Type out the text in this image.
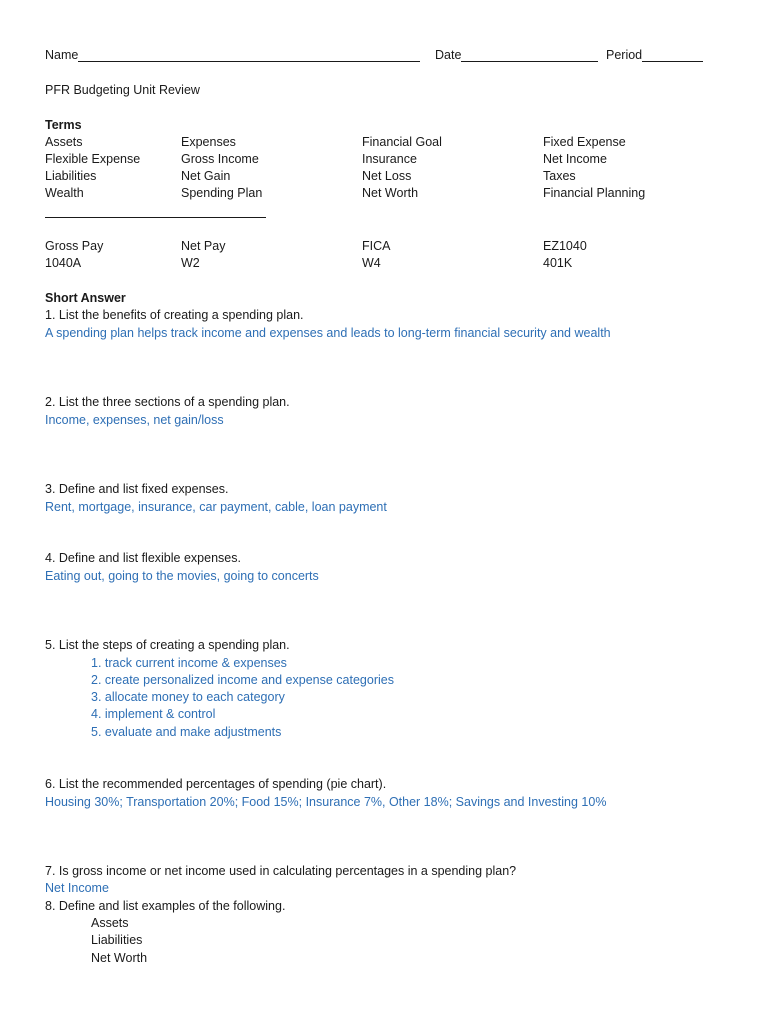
Name	Date	Period
PFR Budgeting Unit Review
Terms
Assets	Expenses	Financial Goal	Fixed Expense
Flexible Expense	Gross Income	Insurance	Net Income
Liabilities	Net Gain	Net Loss	Taxes
Wealth	Spending Plan	Net Worth	Financial Planning
Gross Pay	Net Pay	FICA	EZ1040
1040A	W2	W4	401K
Short Answer
1. List the benefits of creating a spending plan.
A spending plan helps track income and expenses and leads to long-term financial security and wealth
2. List the three sections of a spending plan.
Income, expenses, net gain/loss
3. Define and list fixed expenses.
Rent, mortgage, insurance, car payment, cable, loan payment
4. Define and list flexible expenses.
Eating out, going to the movies, going to concerts
5. List the steps of creating a spending plan.
1. track current income & expenses
2. create personalized income and expense categories
3. allocate money to each category
4. implement & control
5. evaluate and make adjustments
6. List the recommended percentages of spending (pie chart).
Housing 30%; Transportation 20%; Food 15%; Insurance 7%, Other 18%; Savings and Investing 10%
7. Is gross income or net income used in calculating percentages in a spending plan?
Net Income
8. Define and list examples of the following.
Assets
Liabilities
Net Worth
